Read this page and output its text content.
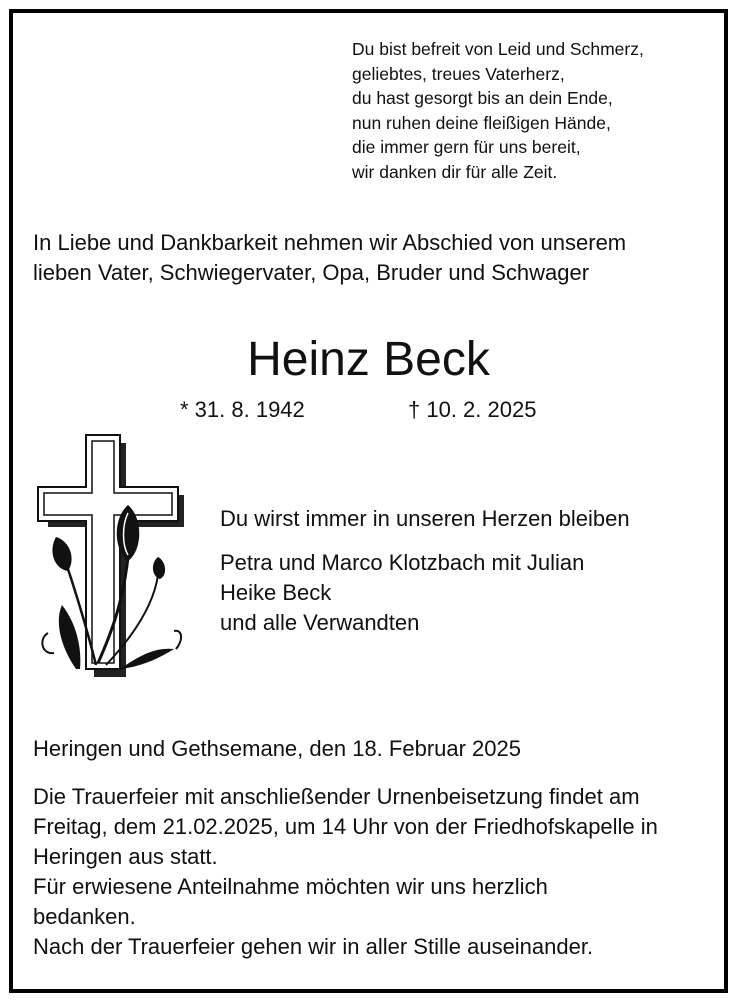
Du bist befreit von Leid und Schmerz,
geliebtes, treues Vaterherz,
du hast gesorgt bis an dein Ende,
nun ruhen deine fleißigen Hände,
die immer gern für uns bereit,
wir danken dir für alle Zeit.
In Liebe und Dankbarkeit nehmen wir Abschied von unserem
lieben Vater, Schwiegervater, Opa, Bruder und Schwager
Heinz Beck
* 31. 8. 1942	† 10. 2. 2025
Du wirst immer in unseren Herzen bleiben
Petra und Marco Klotzbach mit Julian
Heike Beck
und alle Verwandten
Heringen und Gethsemane, den 18. Februar 2025
Die Trauerfeier mit anschließender Urnenbeisetzung findet am
Freitag, dem 21.02.2025, um 14 Uhr von der Friedhofskapelle in
Heringen aus statt.
Für erwiesene Anteilnahme möchten wir uns herzlich
bedanken.
Nach der Trauerfeier gehen wir in aller Stille auseinander.
